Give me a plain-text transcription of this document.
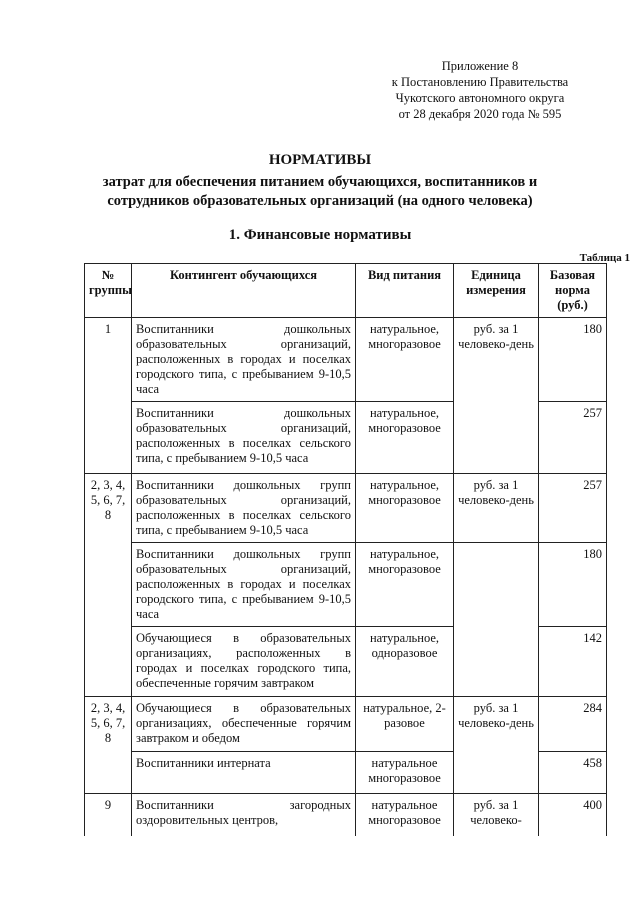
Приложение 8
к Постановлению Правительства
Чукотского автономного округа
от 28 декабря 2020 года № 595
НОРМАТИВЫ
затрат для обеспечения питанием обучающихся, воспитанников и
сотрудников образовательных организаций (на одного человека)
1. Финансовые нормативы
Таблица 1
№ группы	Контингент обучающихся	Вид питания	Единица измерения	Базовая норма (руб.)
1	Воспитанники дошкольных образовательных организаций, расположенных в городах и поселках городского типа, с пребыванием 9-10,5 часа	натуральное, многоразовое	руб. за 1 человеко-день	180
	Воспитанники дошкольных образовательных организаций, расположенных в поселках сельского типа, с пребыванием 9-10,5 часа	натуральное, многоразовое		257
2, 3, 4, 5, 6, 7, 8	Воспитанники дошкольных групп образовательных организаций, расположенных в поселках сельского типа, с пребыванием 9-10,5 часа	натуральное, многоразовое	руб. за 1 человеко-день	257
	Воспитанники дошкольных групп образовательных организаций, расположенных в городах и поселках городского типа, с пребыванием 9-10,5 часа	натуральное, многоразовое		180
	Обучающиеся в образовательных организациях, расположенных в городах и поселках городского типа, обеспеченные горячим завтраком	натуральное, одноразовое		142
2, 3, 4, 5, 6, 7, 8	Обучающиеся в образовательных организациях, обеспеченные горячим завтраком и обедом	натуральное, 2-разовое	руб. за 1 человеко-день	284
	Воспитанники интерната	натуральное многоразовое		458
9	Воспитанники загородных оздоровительных центров,	натуральное многоразовое	руб. за 1 человеко-	400
